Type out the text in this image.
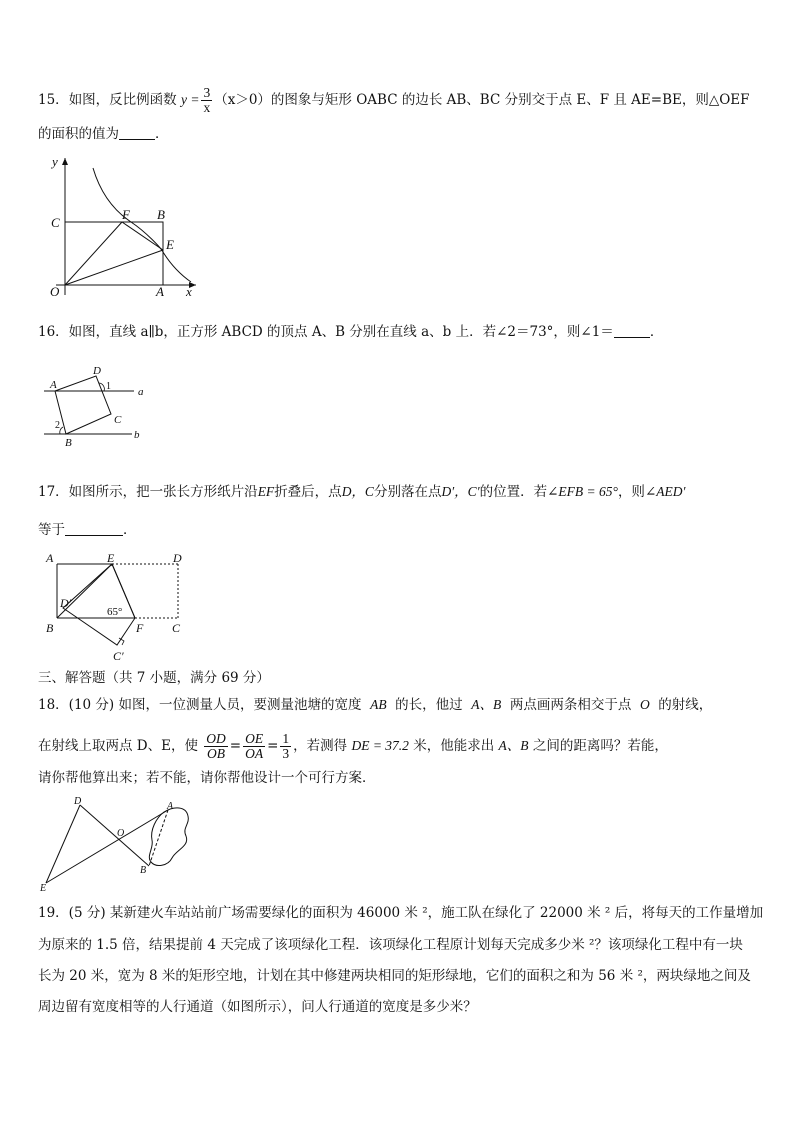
15．如图，反比例函数 $y = \frac{3}{x} (x>0)$的图象与矩形 OABC 的边长 AB、BC 分别交于点 E、F 且 AE=BE，则△OEF
的面积的值为	．
y
x
O	A
B
C
E
F
16．如图，直线 a∥b，正方形 ABCD 的顶点 A、B 分别在直线 a、b 上．若∠2＝73°，则∠1＝	．
A
D
C
B
1
2
a
b
17．如图所示，把一张长方形纸片沿EF折叠后，点D，C分别落在点D′，C′的位置．若∠EFB = 65°，则∠AED′
等于	．
A	E	D
D′
65°
B	F C
C′
三、解答题（共 7 小题，满分 69 分）
18．(10 分) 如图，一位测量人员，要测量池塘的宽度 AB 的长，他过 A、B 两点画两条相交于点 O 的射线，
在射线上取两点 D、E，使 $\frac{OD}{OB} = \frac{OE}{OA} = \frac{1}{3}$ ，若测得 DE = 37.2 米，他能求出 A、B 之间的距离吗？若能，
请你帮他算出来；若不能，请你帮他设计一个可行方案．
D	A
O
E
B
19．(5 分) 某新建火车站站前广场需要绿化的面积为 46000 米 ²，施工队在绿化了 22000 米 ² 后，将每天的工作量增加
为原来的 1.5 倍，结果提前 4 天完成了该项绿化工程．该项绿化工程原计划每天完成多少米 ²？该项绿化工程中有一块
长为 20 米，宽为 8 米的矩形空地，计划在其中修建两块相同的矩形绿地，它们的面积之和为 56 米 ²，两块绿地之间及
周边留有宽度相等的人行通道（如图所示），问人行通道的宽度是多少米？
